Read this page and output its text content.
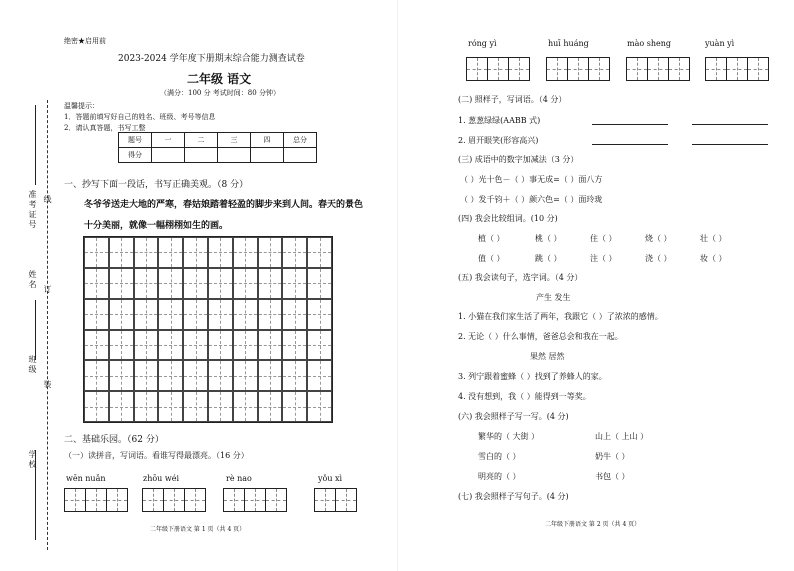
学校
班级
姓名
准考证号
装
订
线
绝密★启用前
2023-2024 学年度下册期末综合能力测查试卷
二年级 语文
（满分：100 分 考试时间：80 分钟）
温馨提示：
1．答题前填写好自己的姓名、班级、考号等信息
2．请认真答题，书写工整
题号	一	二	三	四	总分
得分					
一、抄写下面一段话，书写正确美观。（8 分）
冬爷爷送走大地的严寒，春姑娘踏着轻盈的脚步来到人间。春天的景色
十分美丽，就像一幅栩栩如生的画。
二、基础乐园。（62 分）
（一）读拼音，写词语。看谁写得最漂亮。（16 分）
wēn nuǎn	zhōu wéi	rè nao	yǒu xì
二年级下册语文 第 1 页（共 4 页）
róng yì	huī huáng	mào sheng	yuàn yì
(二) 照样子，写词语。（4 分）
1. 葱葱绿绿(AABB 式)
2. 眉开眼笑(形容高兴)
(三) 成语中的数字加减法（3 分）
（ ）光十色－（ ）事无成=（ ）面八方
（ ）发千钧＋（ ）颜六色=（ ）面玲珑
(四) 我会比较组词。(10 分)
植（ ）	桃（ ）	住（ ）	烧（ ）	壮（ ）
值（ ）	跳（ ）	注（ ）	浇（ ）	妆（ ）
(五) 我会读句子，选字词。（4 分）
产生 发生
1. 小猫在我们家生活了两年，我跟它（ ）了浓浓的感情。
2. 无论（ ）什么事情，爸爸总会和我在一起。
果然 居然
3. 列宁跟着蜜蜂（ ）找到了养蜂人的家。
4. 没有想到，我（ ）能得到一等奖。
(六) 我会照样子写一写。(4 分)
繁华的（ 大街 ）	山上（ 上山 ）
雪白的（ ）	奶牛（ ）
明亮的（ ）	书包（ ）
(七) 我会照样子写句子。(4 分)
二年级下册语文 第 2 页（共 4 页）
